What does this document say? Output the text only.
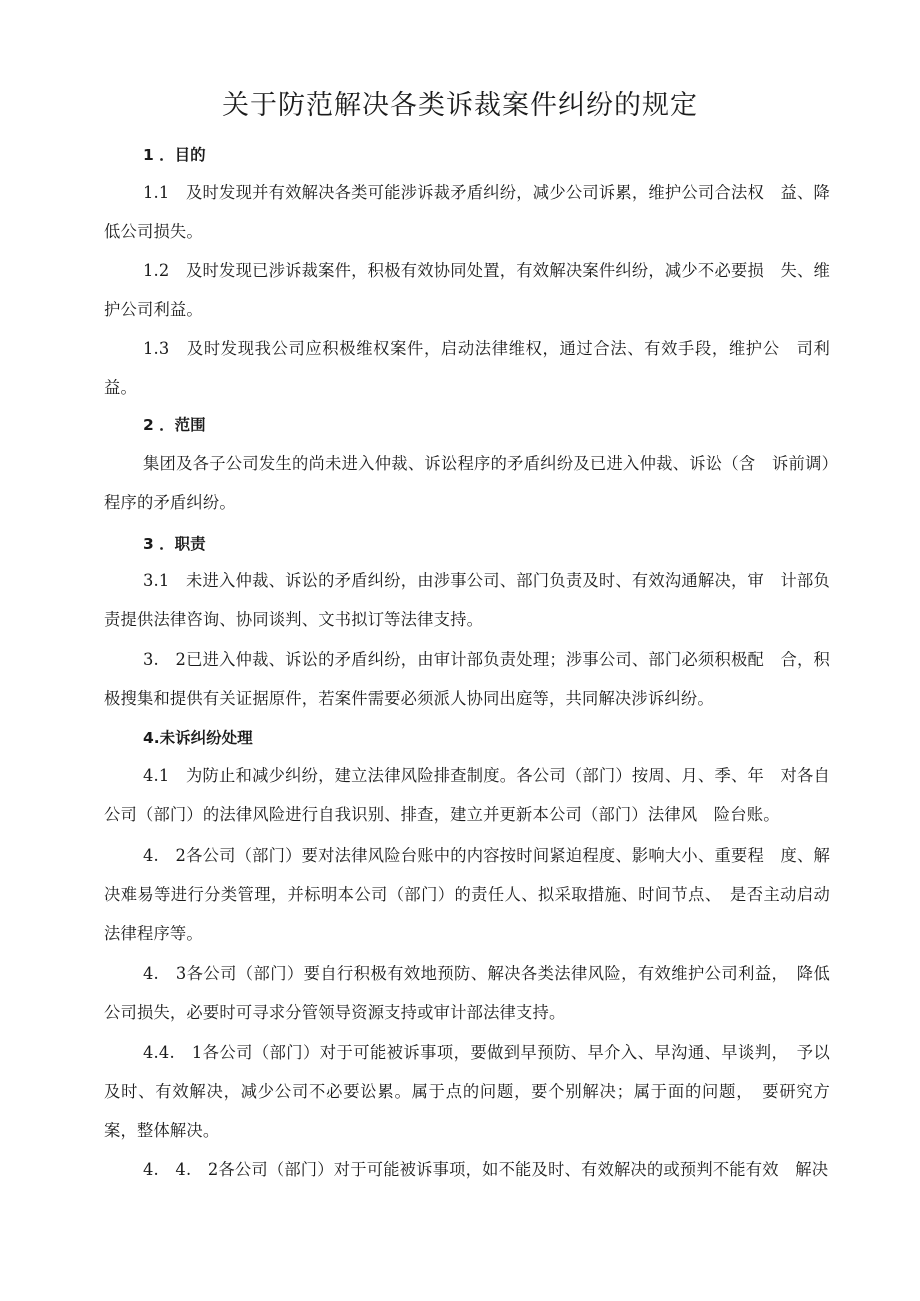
关于防范解决各类诉裁案件纠纷的规定
1 ．目的

1.1　及时发现并有效解决各类可能涉诉裁矛盾纠纷，减少公司诉累，维护公司合法权　益、降低公司损失。

1.2　及时发现已涉诉裁案件，积极有效协同处置，有效解决案件纠纷，减少不必要损　失、维护公司利益。

1.3　及时发现我公司应积极维权案件，启动法律维权，通过合法、有效手段，维护公　司利益。

2 ．范围

集团及各子公司发生的尚未进入仲裁、诉讼程序的矛盾纠纷及已进入仲裁、诉讼（含　诉前调）程序的矛盾纠纷。

3 ．职责

3.1　未进入仲裁、诉讼的矛盾纠纷，由涉事公司、部门负责及时、有效沟通解决，审　计部负责提供法律咨询、协同谈判、文书拟订等法律支持。

3.　2已进入仲裁、诉讼的矛盾纠纷，由审计部负责处理；涉事公司、部门必须积极配　合，积极搜集和提供有关证据原件，若案件需要必须派人协同出庭等，共同解决涉诉纠纷。

4.未诉纠纷处理

4.1　为防止和减少纠纷，建立法律风险排查制度。各公司（部门）按周、月、季、年　对各自公司（部门）的法律风险进行自我识别、排查，建立并更新本公司（部门）法律风　险台账。

4.　2各公司（部门）要对法律风险台账中的内容按时间紧迫程度、影响大小、重要程　度、解决难易等进行分类管理，并标明本公司（部门）的责任人、拟采取措施、时间节点、　是否主动启动法律程序等。

4.　3各公司（部门）要自行积极有效地预防、解决各类法律风险，有效维护公司利益，　降低公司损失，必要时可寻求分管领导资源支持或审计部法律支持。

4.4.　1各公司（部门）对于可能被诉事项，要做到早预防、早介入、早沟通、早谈判，　予以及时、有效解决，减少公司不必要讼累。属于点的问题，要个别解决；属于面的问题，　要研究方案，整体解决。

4.　4.　2各公司（部门）对于可能被诉事项，如不能及时、有效解决的或预判不能有效　解决
